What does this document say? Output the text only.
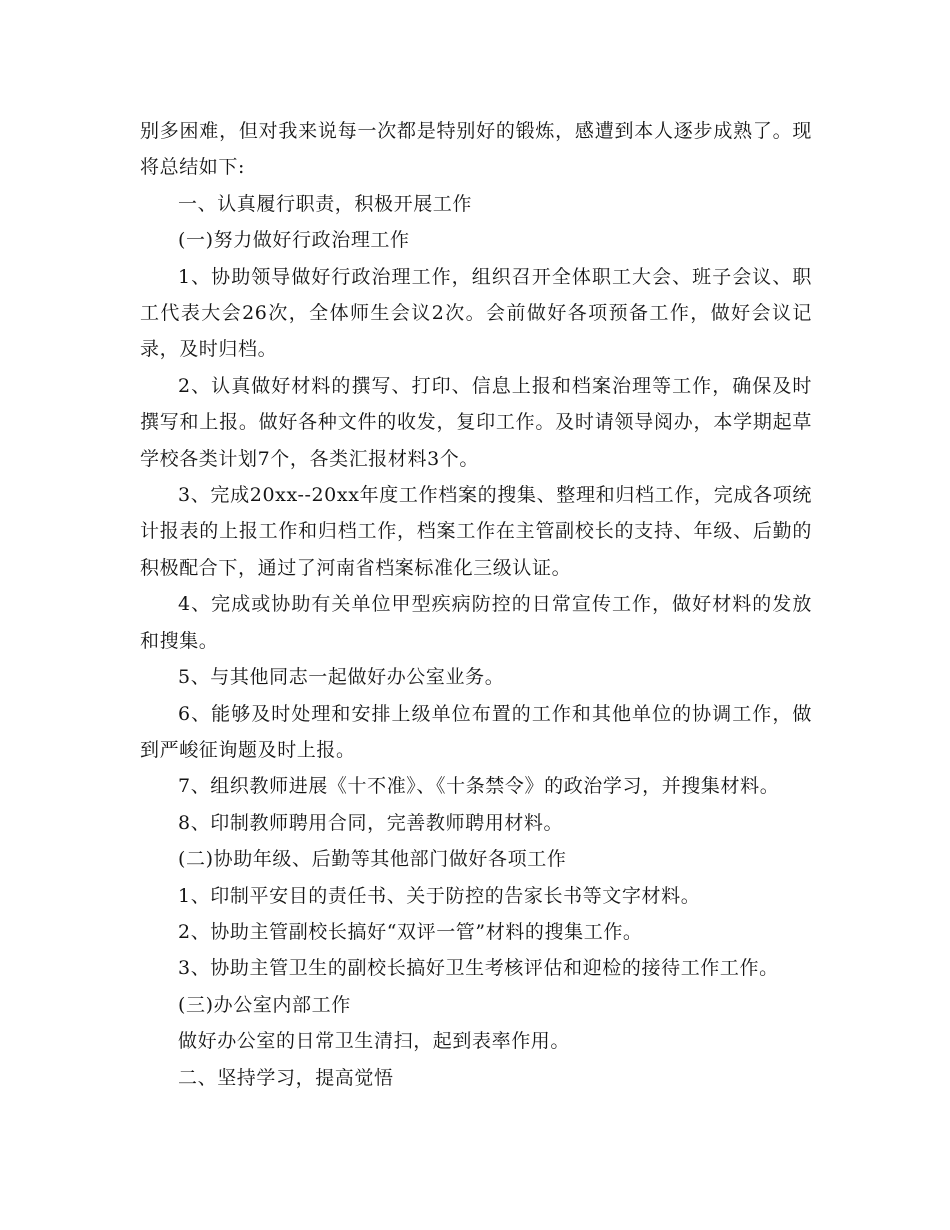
别多困难，但对我来说每一次都是特别好的锻炼，感遭到本人逐步成熟了。现将总结如下:

一、认真履行职责，积极开展工作

(一)努力做好行政治理工作

1、协助领导做好行政治理工作，组织召开全体职工大会、班子会议、职工代表大会26次，全体师生会议2次。会前做好各项预备工作，做好会议记录，及时归档。

2、认真做好材料的撰写、打印、信息上报和档案治理等工作，确保及时撰写和上报。做好各种文件的收发，复印工作。及时请领导阅办，本学期起草学校各类计划7个，各类汇报材料3个。

3、完成20xx--20xx年度工作档案的搜集、整理和归档工作，完成各项统计报表的上报工作和归档工作，档案工作在主管副校长的支持、年级、后勤的积极配合下，通过了河南省档案标准化三级认证。

4、完成或协助有关单位甲型疾病防控的日常宣传工作，做好材料的发放和搜集。

5、与其他同志一起做好办公室业务。

6、能够及时处理和安排上级单位布置的工作和其他单位的协调工作，做到严峻征询题及时上报。

7、组织教师进展《十不准》、《十条禁令》的政治学习，并搜集材料。

8、印制教师聘用合同，完善教师聘用材料。

(二)协助年级、后勤等其他部门做好各项工作

1、印制平安目的责任书、关于防控的告家长书等文字材料。

2、协助主管副校长搞好“双评一管”材料的搜集工作。

3、协助主管卫生的副校长搞好卫生考核评估和迎检的接待工作工作。

(三)办公室内部工作

做好办公室的日常卫生清扫，起到表率作用。

二、坚持学习，提高觉悟
